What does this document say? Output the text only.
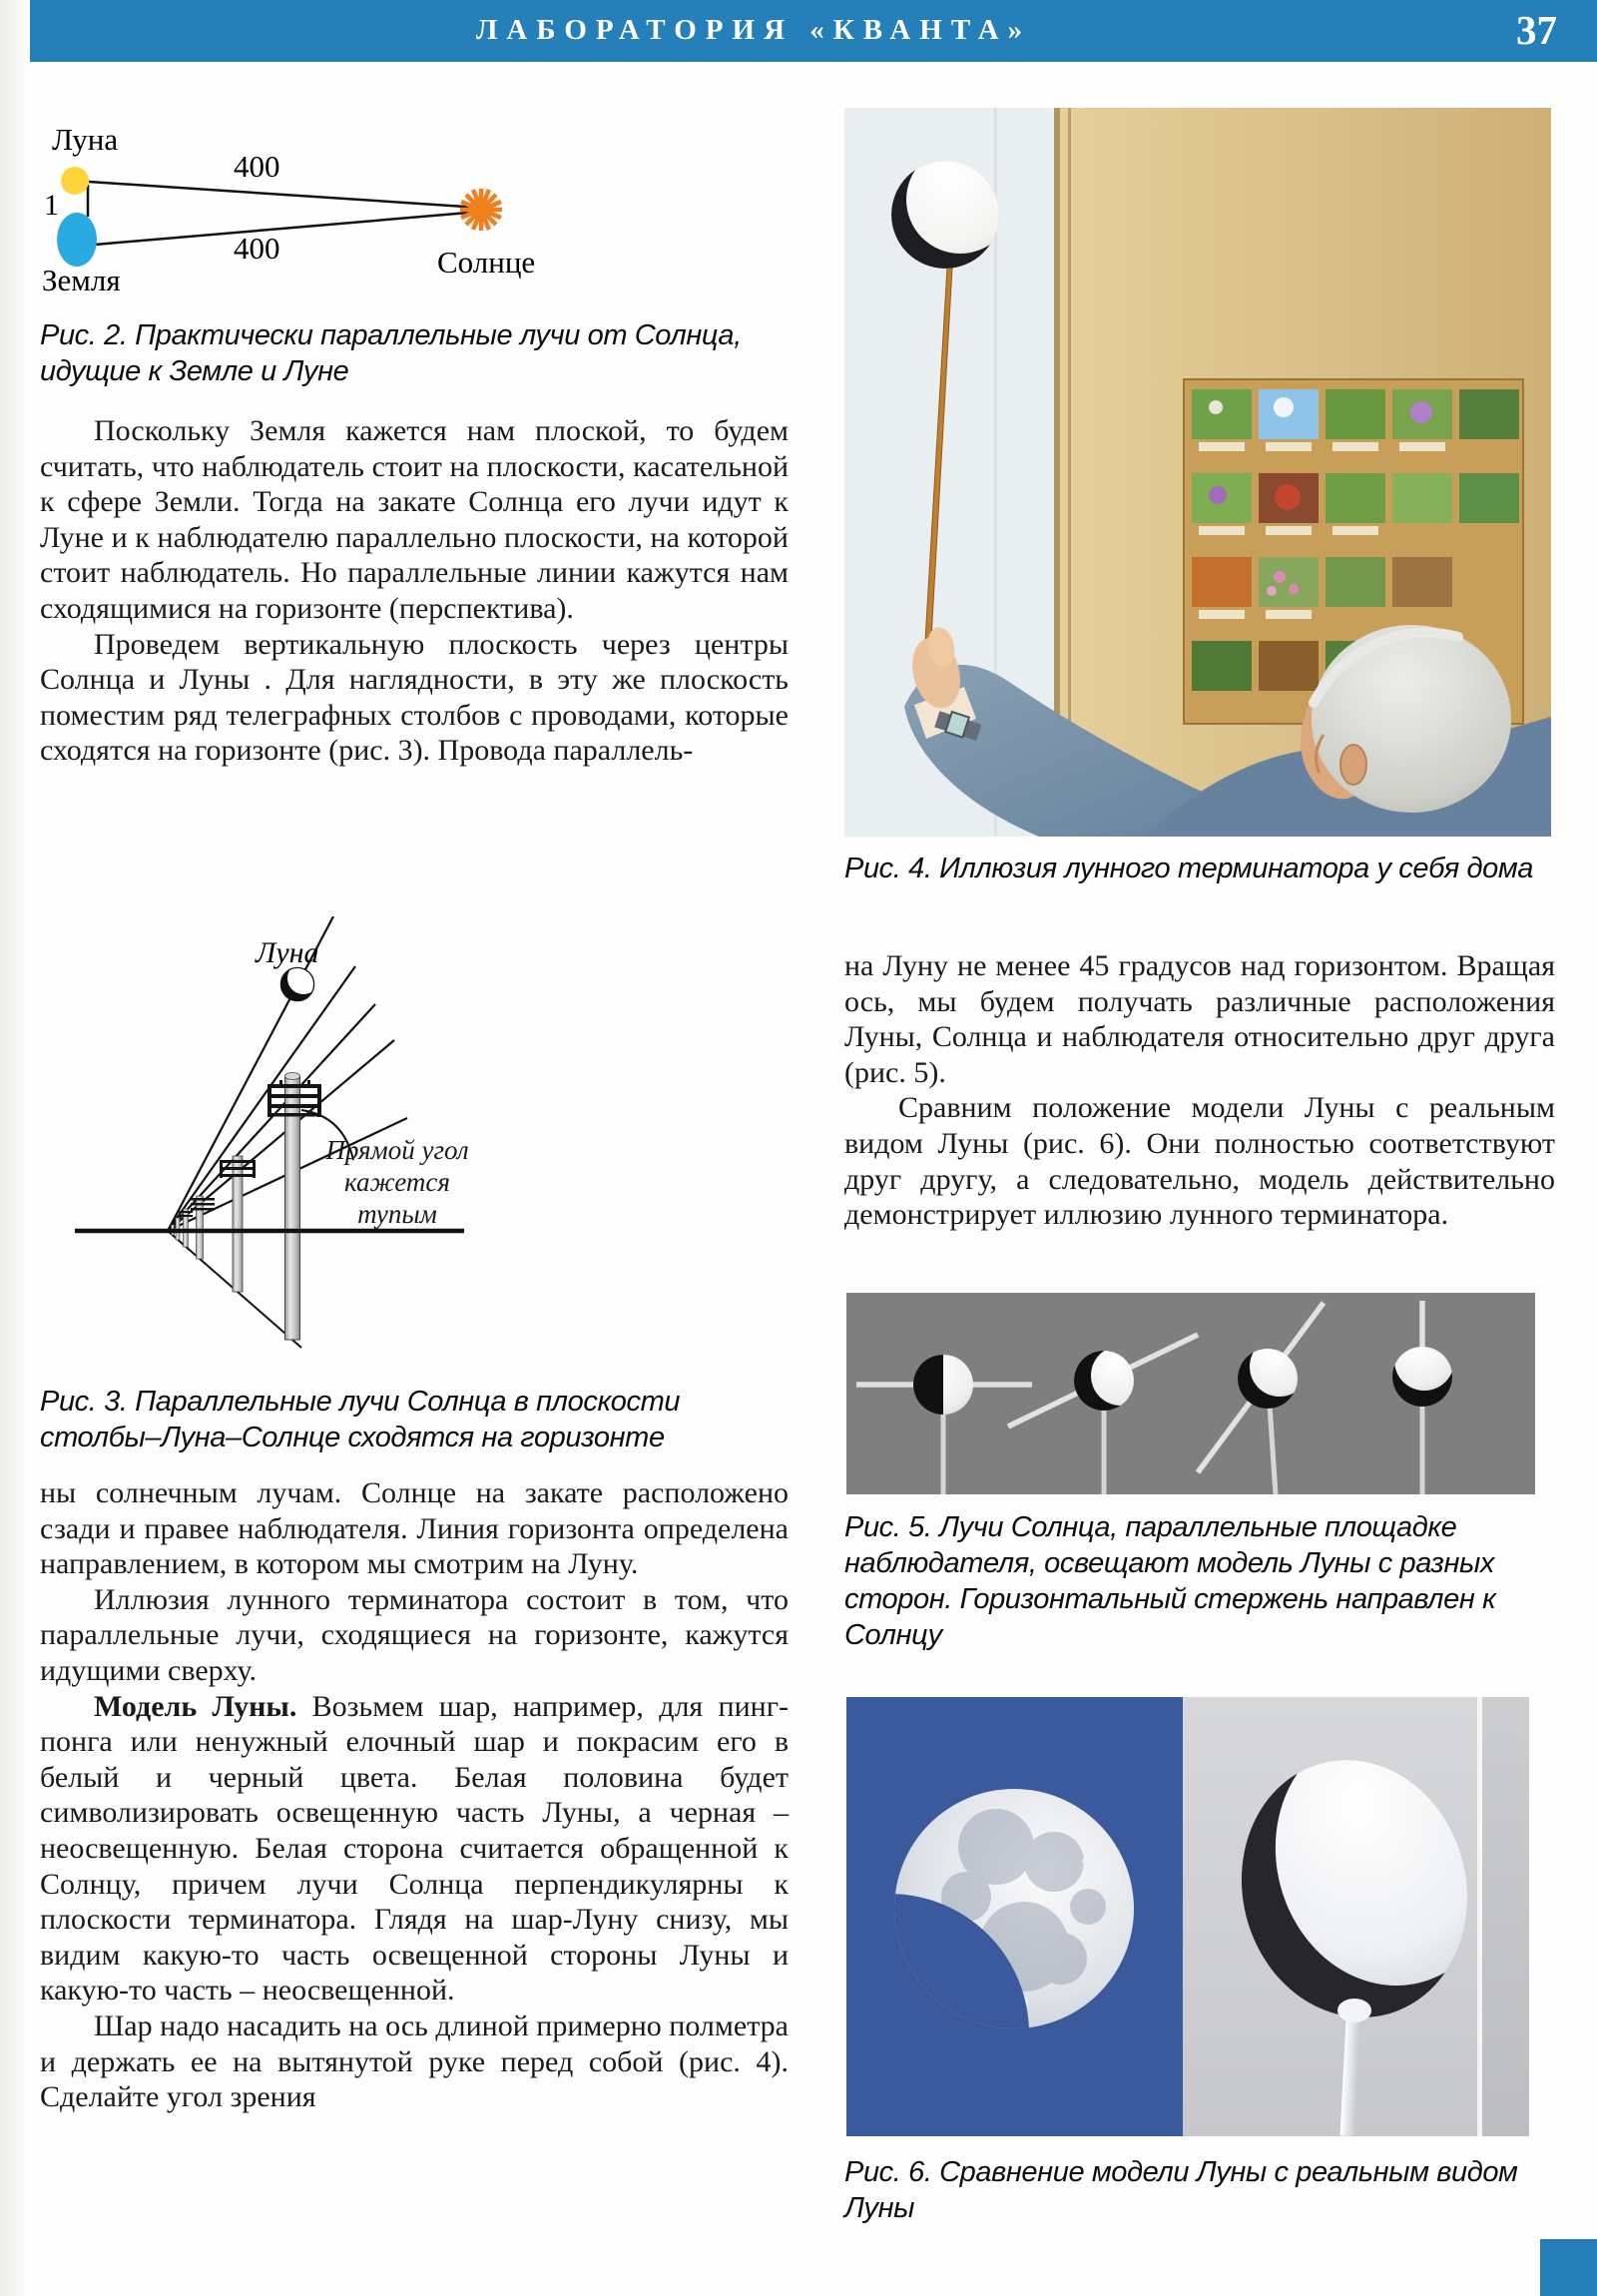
ЛАБОРАТОРИЯ «КВАНТА»	37
Луна
1
400
400
Земля
Солнце
Рис. 2. Практически параллельные лучи от Солнца, идущие к Земле и Луне

Поскольку Земля кажется нам плоской, то будем считать, что наблюдатель стоит на плоскости, касательной к сфере Земли. Тогда на закате Солнца его лучи идут к Луне и к наблюдателю параллельно плоскости, на которой стоит наблюдатель. Но параллельные линии кажутся нам сходящимися на горизонте (перспектива).

Проведем вертикальную плоскость через центры Солнца и Луны . Для наглядности, в эту же плоскость поместим ряд телеграфных столбов с проводами, которые сходятся на горизонте (рис. 3). Провода параллель-

Луна
Прямой угол кажется тупым
Рис. 3. Параллельные лучи Солнца в плоскости столбы–Луна–Солнце сходятся на горизонте

ны солнечным лучам. Солнце на закате расположено сзади и правее наблюдателя. Линия горизонта определена направлением, в котором мы смотрим на Луну.

Иллюзия лунного терминатора состоит в том, что параллельные лучи, сходящиеся на горизонте, кажутся идущими сверху.

Модель Луны. Возьмем шар, например, для пинг-понга или ненужный елочный шар и покрасим его в белый и черный цвета. Белая половина будет символизировать освещенную часть Луны, а черная – неосвещенную. Белая сторона считается обращенной к Солнцу, причем лучи Солнца перпендикулярны к плоскости терминатора. Глядя на шар-Луну снизу, мы видим какую-то часть освещенной стороны Луны и какую-то часть – неосвещенной.

Шар надо насадить на ось длиной примерно полметра и держать ее на вытянутой руке перед собой (рис. 4). Сделайте угол зрения

Рис. 4. Иллюзия лунного терминатора у себя дома

на Луну не менее 45 градусов над горизонтом. Вращая ось, мы будем получать различные расположения Луны, Солнца и наблюдателя относительно друг друга (рис. 5).

Сравним положение модели Луны с реальным видом Луны (рис. 6). Они полностью соответствуют друг другу, а следовательно, модель действительно демонстрирует иллюзию лунного терминатора.

Рис. 5. Лучи Солнца, параллельные площадке наблюдателя, освещают модель Луны с разных сторон. Горизонтальный стержень направлен к Солнцу
Рис. 6. Сравнение модели Луны с реальным видом Луны
